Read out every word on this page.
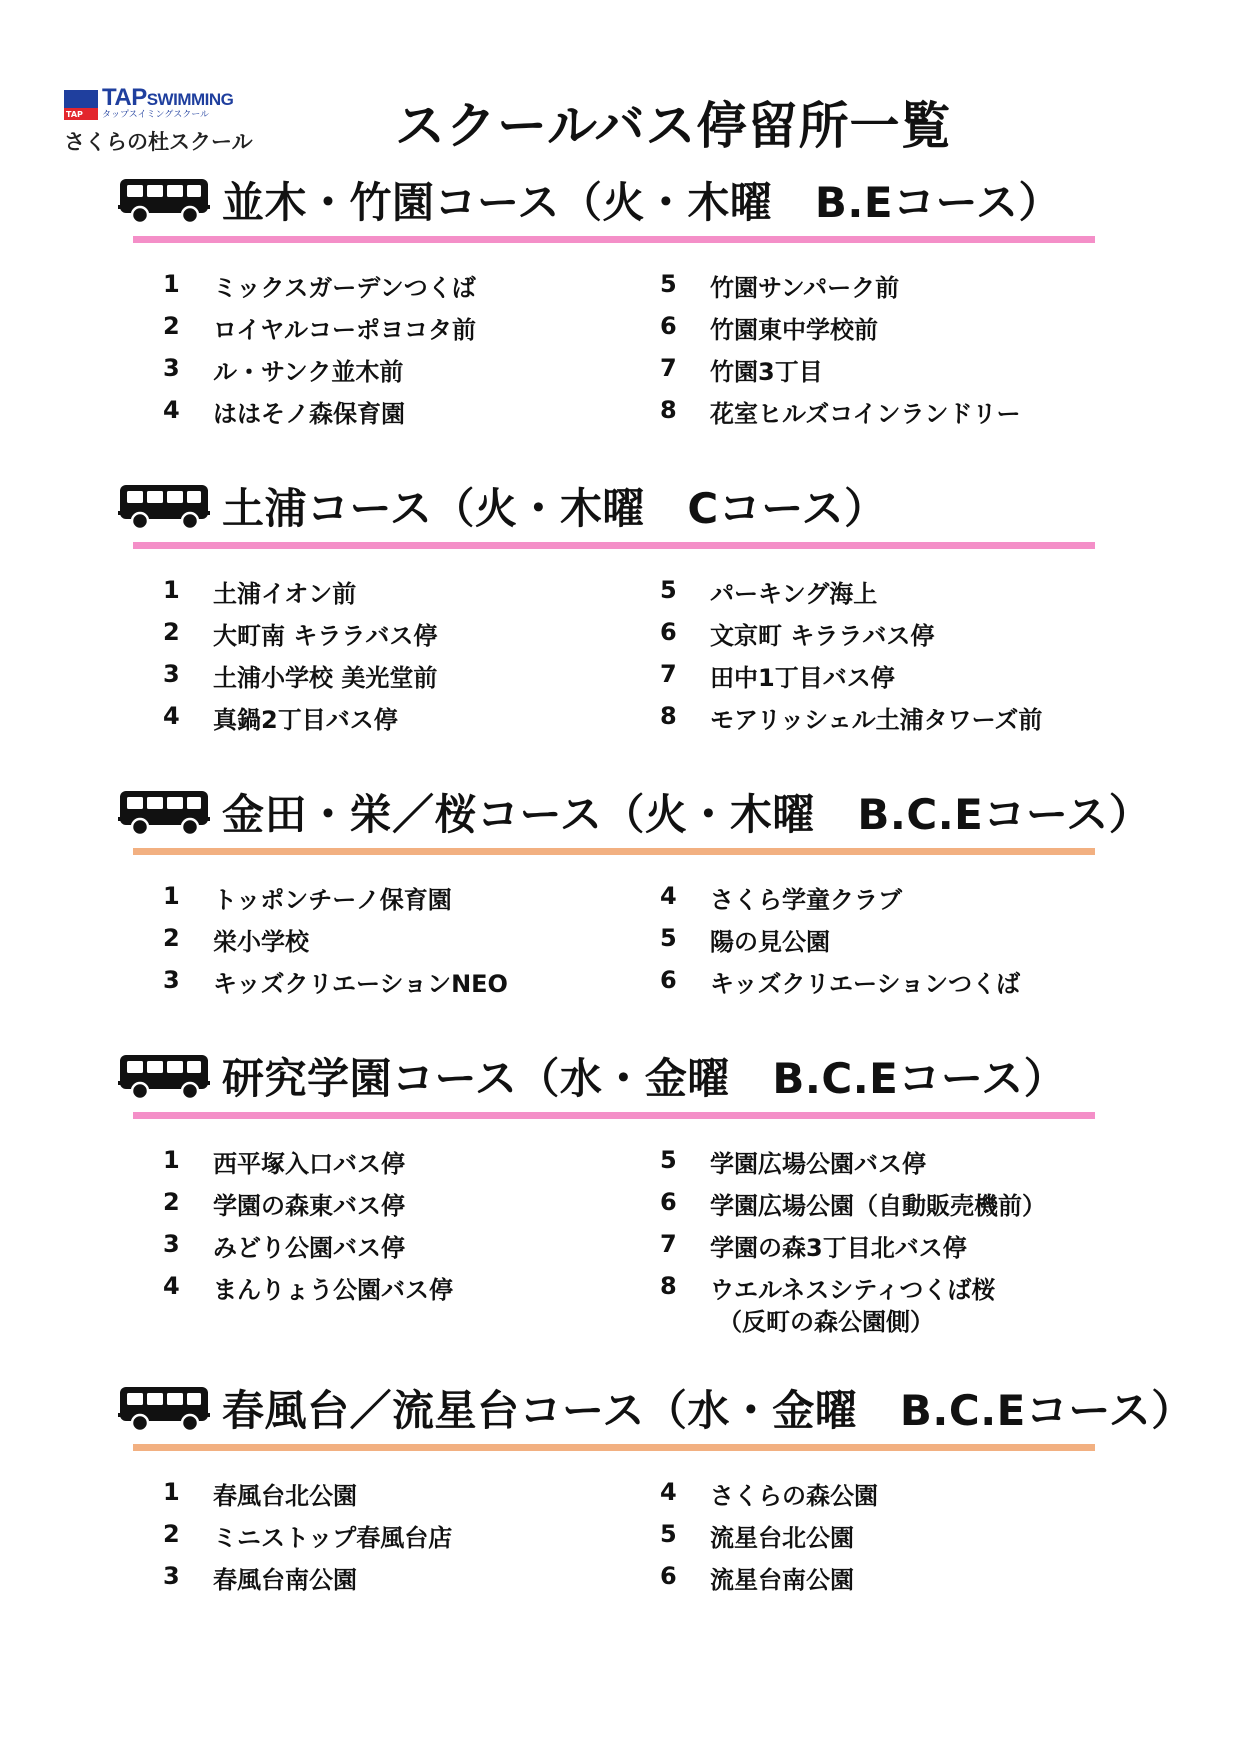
TAP
TAPSWIMMING
タップスイミングスクール
さくらの杜スクール	スクールバス停留所一覧
並木・竹園コース（火・木曜　B.Eコース）
1	ミックスガーデンつくば
2	ロイヤルコーポヨコタ前
3	ル・サンク並木前
4	ははそノ森保育園
5	竹園サンパーク前
6	竹園東中学校前
7	竹園3丁目
8	花室ヒルズコインランドリー
土浦コース（火・木曜　Cコース）
1	土浦イオン前
2	大町南 キララバス停
3	土浦小学校 美光堂前
4	真鍋2丁目バス停
5	パーキング海上
6	文京町 キララバス停
7	田中1丁目バス停
8	モアリッシェル土浦タワーズ前
金田・栄／桜コース（火・木曜　B.C.Eコース）
1	トッポンチーノ保育園
2	栄小学校
3	キッズクリエーションNEO
4	さくら学童クラブ
5	陽の見公園
6	キッズクリエーションつくば
研究学園コース（水・金曜　B.C.Eコース）
1	西平塚入口バス停
2	学園の森東バス停
3	みどり公園バス停
4	まんりょう公園バス停
5	学園広場公園バス停
6	学園広場公園（自動販売機前）
7	学園の森3丁目北バス停
8	ウエルネスシティつくば桜
（反町の森公園側）
春風台／流星台コース（水・金曜　B.C.Eコース）
1	春風台北公園
2	ミニストップ春風台店
3	春風台南公園
4	さくらの森公園
5	流星台北公園
6	流星台南公園
